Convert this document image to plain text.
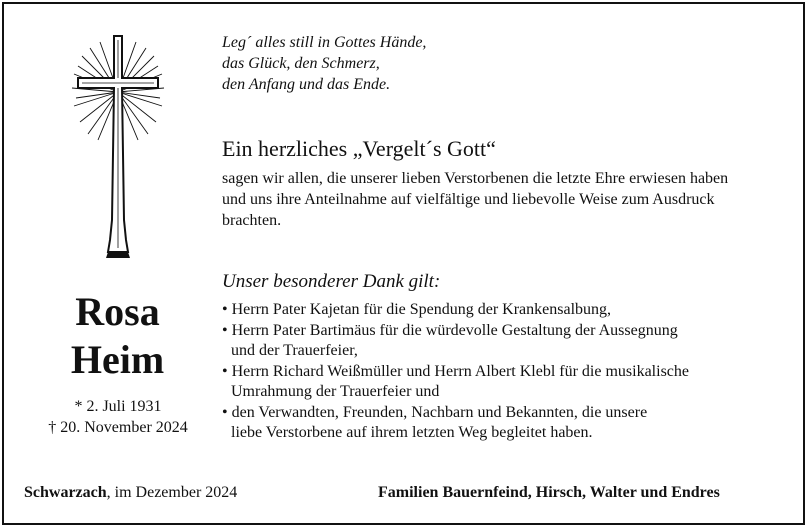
Rosa
Heim
* 2. Juli 1931
† 20. November 2024
Leg´ alles still in Gottes Hände,
das Glück, den Schmerz,
den Anfang und das Ende.
Ein herzliches „Vergelt´s Gott“
sagen wir allen, die unserer lieben Verstorbenen die letzte Ehre erwiesen haben
und uns ihre Anteilnahme auf vielfältige und liebevolle Weise zum Ausdruck
brachten.
Unser besonderer Dank gilt:
• Herrn Pater Kajetan für die Spendung der Krankensalbung,
• Herrn Pater Bartimäus für die würdevolle Gestaltung der Aussegnung
und der Trauerfeier,
• Herrn Richard Weißmüller und Herrn Albert Klebl für die musikalische
Umrahmung der Trauerfeier und
• den Verwandten, Freunden, Nachbarn und Bekannten, die unsere
liebe Verstorbene auf ihrem letzten Weg begleitet haben.
Schwarzach, im Dezember 2024	Familien Bauernfeind, Hirsch, Walter und Endres
